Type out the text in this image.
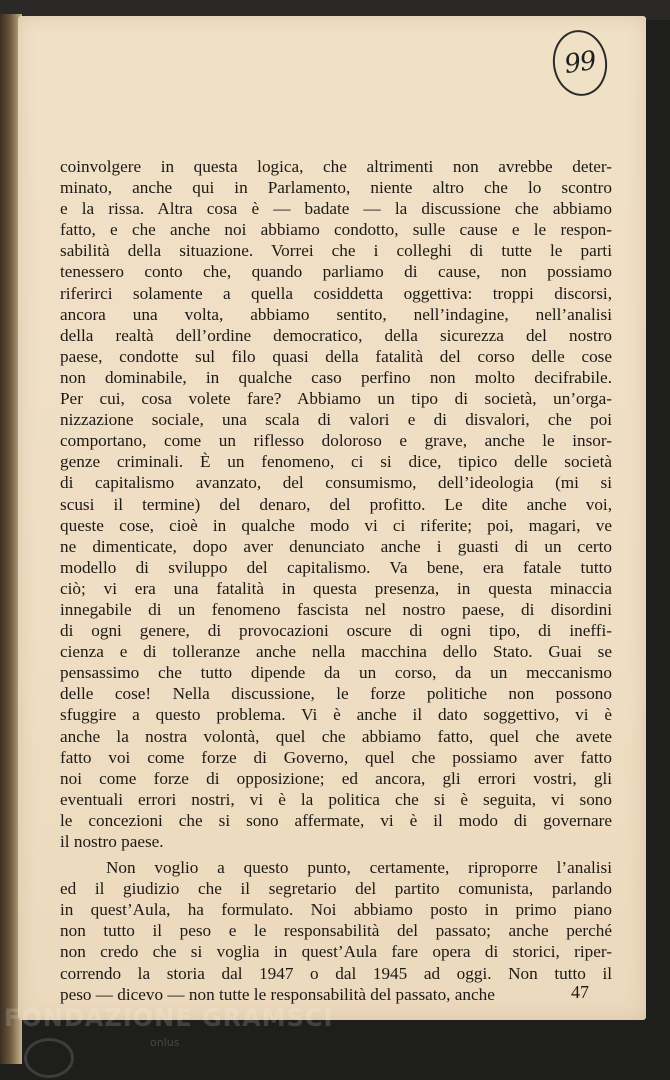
99
coinvolgere in questa logica, che altrimenti non avrebbe deter-
minato, anche qui in Parlamento, niente altro che lo scontro
e la rissa. Altra cosa è — badate — la discussione che abbiamo
fatto, e che anche noi abbiamo condotto, sulle cause e le respon-
sabilità della situazione. Vorrei che i colleghi di tutte le parti
tenessero conto che, quando parliamo di cause, non possiamo
riferirci solamente a quella cosiddetta oggettiva: troppi discorsi,
ancora una volta, abbiamo sentito, nell’indagine, nell’analisi
della realtà dell’ordine democratico, della sicurezza del nostro
paese, condotte sul filo quasi della fatalità del corso delle cose
non dominabile, in qualche caso perfino non molto decifrabile.
Per cui, cosa volete fare? Abbiamo un tipo di società, un’orga-
nizzazione sociale, una scala di valori e di disvalori, che poi
comportano, come un riflesso doloroso e grave, anche le insor-
genze criminali. È un fenomeno, ci si dice, tipico delle società
di capitalismo avanzato, del consumismo, dell’ideologia (mi si
scusi il termine) del denaro, del profitto. Le dite anche voi,
queste cose, cioè in qualche modo vi ci riferite; poi, magari, ve
ne dimenticate, dopo aver denunciato anche i guasti di un certo
modello di sviluppo del capitalismo. Va bene, era fatale tutto
ciò; vi era una fatalità in questa presenza, in questa minaccia
innegabile di un fenomeno fascista nel nostro paese, di disordini
di ogni genere, di provocazioni oscure di ogni tipo, di ineffi-
cienza e di tolleranze anche nella macchina dello Stato. Guai se
pensassimo che tutto dipende da un corso, da un meccanismo
delle cose! Nella discussione, le forze politiche non possono
sfuggire a questo problema. Vi è anche il dato soggettivo, vi è
anche la nostra volontà, quel che abbiamo fatto, quel che avete
fatto voi come forze di Governo, quel che possiamo aver fatto
noi come forze di opposizione; ed ancora, gli errori vostri, gli
eventuali errori nostri, vi è la politica che si è seguita, vi sono
le concezioni che si sono affermate, vi è il modo di governare
il nostro paese.
Non voglio a questo punto, certamente, riproporre l’analisi
ed il giudizio che il segretario del partito comunista, parlando
in quest’Aula, ha formulato. Noi abbiamo posto in primo piano
non tutto il peso e le responsabilità del passato; anche perché
non credo che si voglia in quest’Aula fare opera di storici, riper-
correndo la storia dal 1947 o dal 1945 ad oggi. Non tutto il
peso — dicevo — non tutte le responsabilità del passato, anche	47
FONDAZIONE GRAMSCI
onlus
